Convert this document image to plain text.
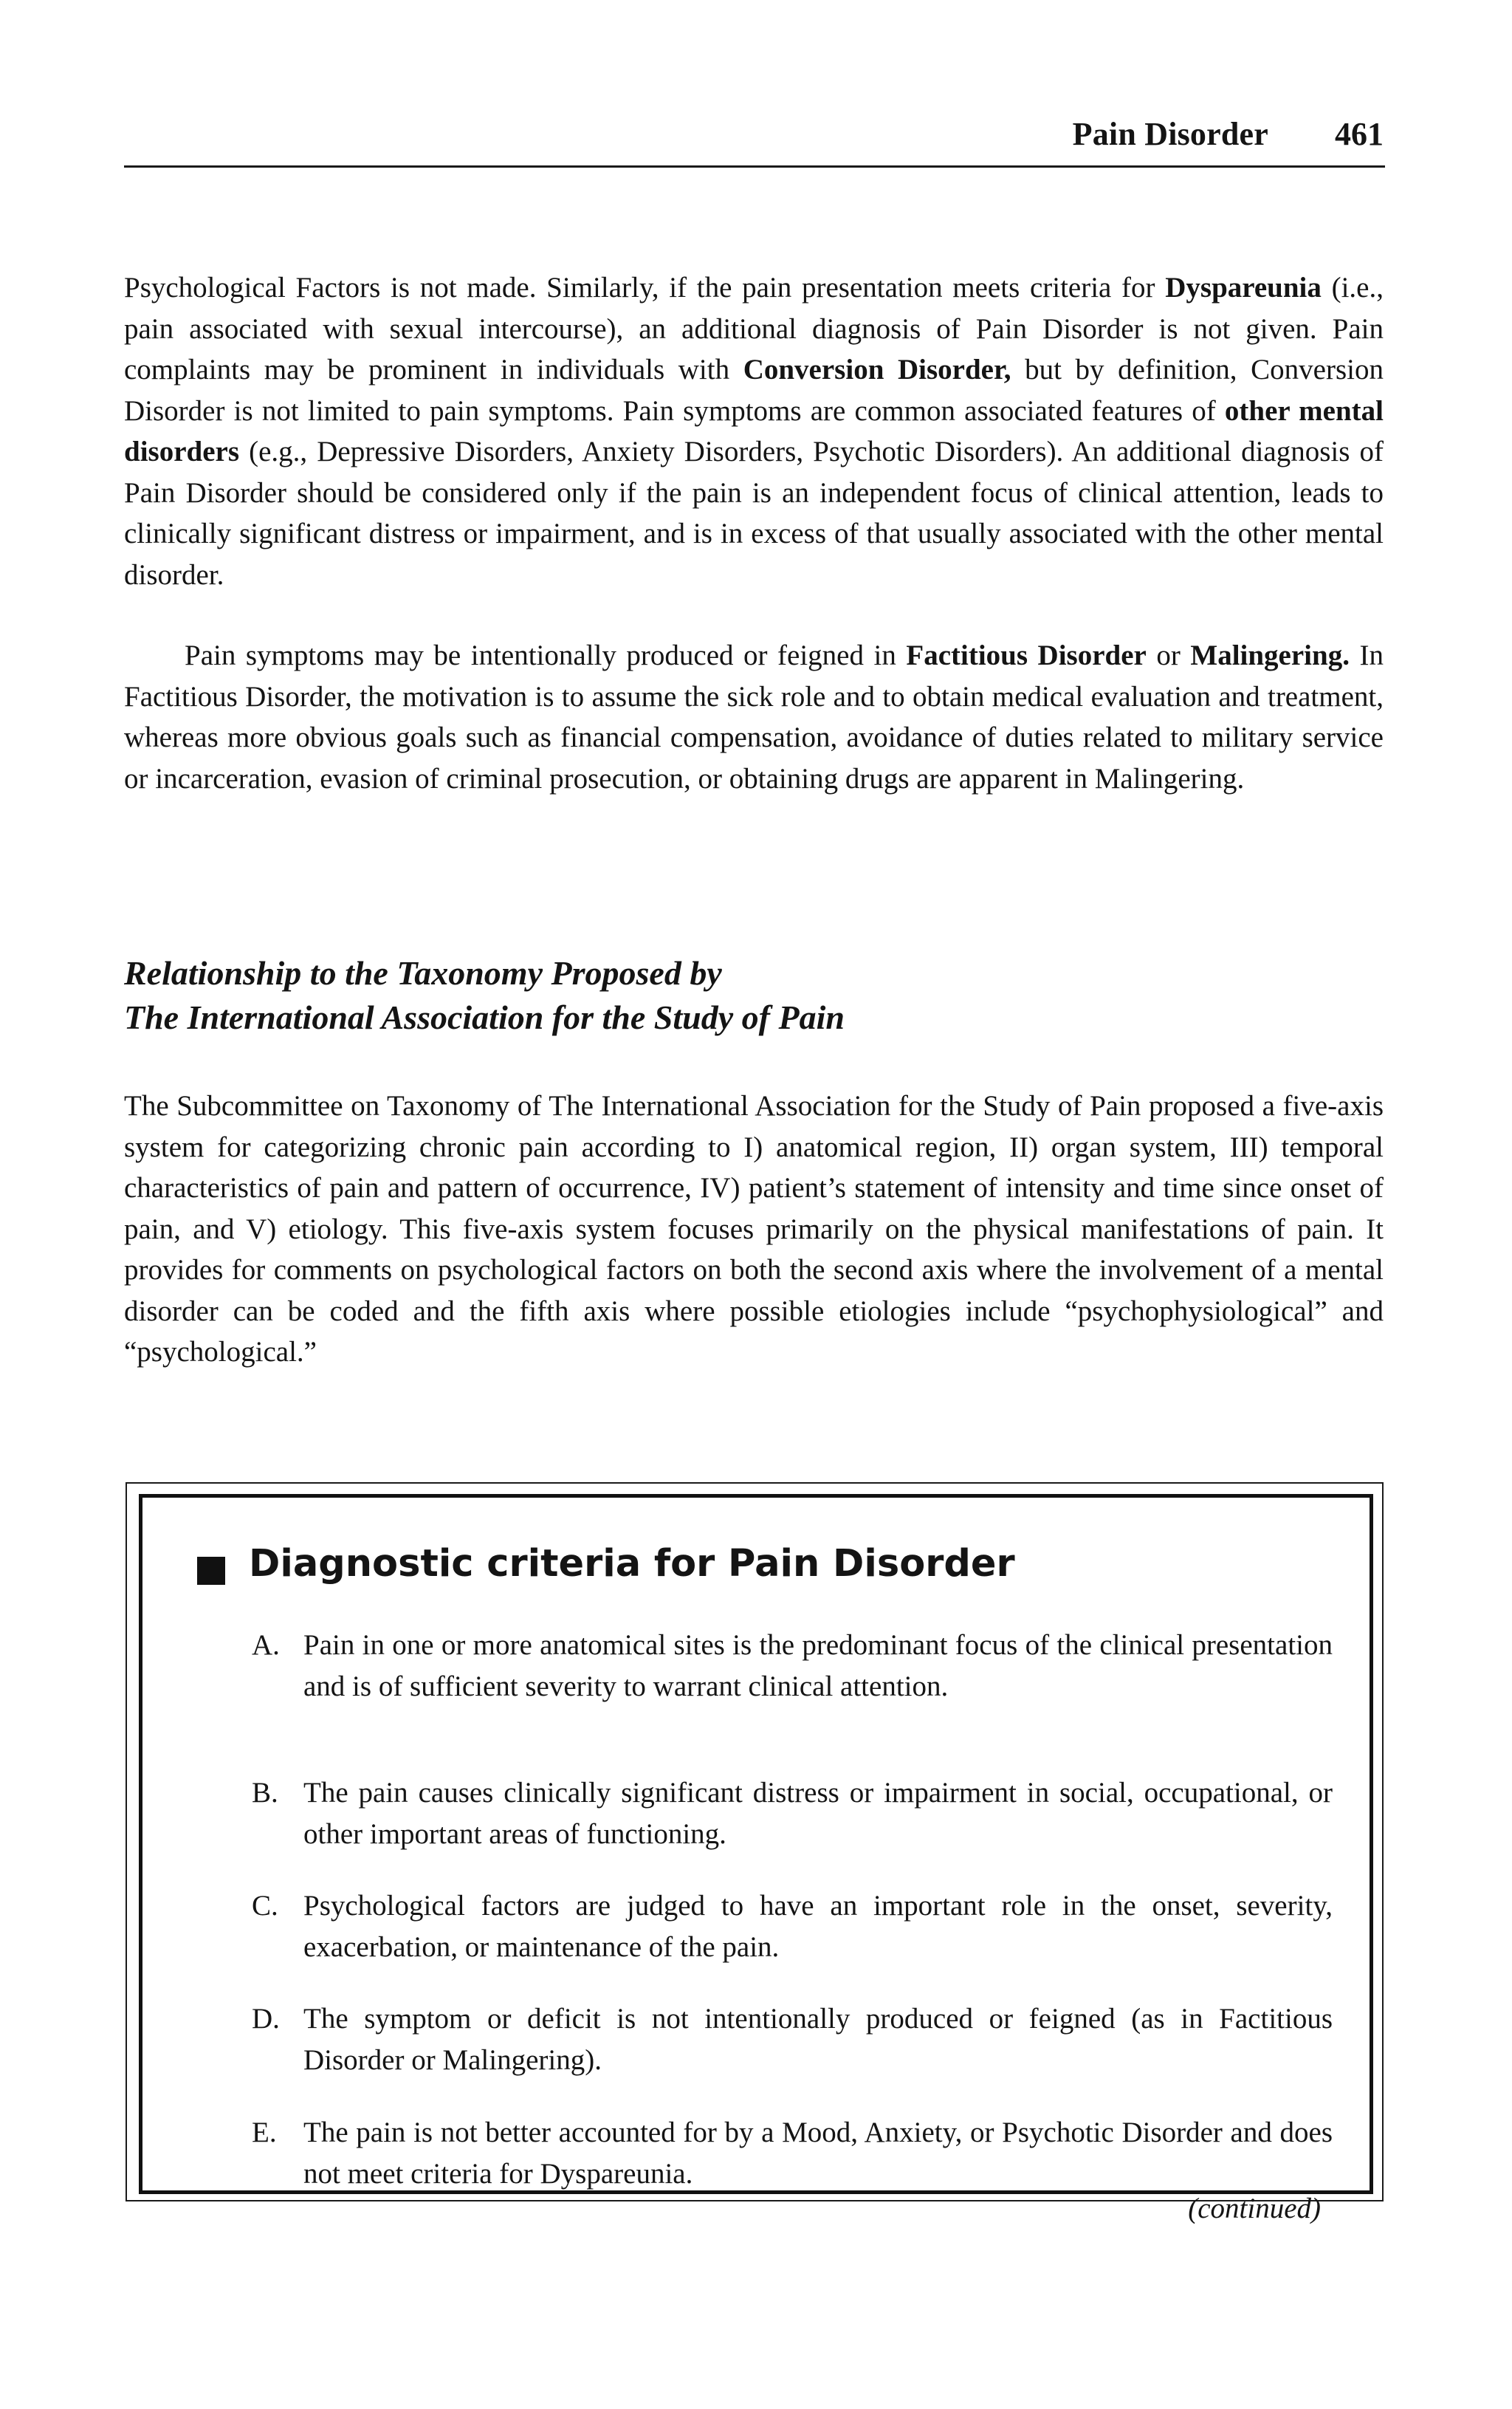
Pain Disorder 461

Psychological Factors is not made. Similarly, if the pain presentation meets criteria for Dyspareunia (i.e., pain associated with sexual intercourse), an additional diagnosis of Pain Disorder is not given. Pain complaints may be prominent in individuals with Conversion Disorder, but by definition, Conversion Disorder is not limited to pain symptoms. Pain symptoms are common associated features of other mental disorders (e.g., Depressive Disorders, Anxiety Disorders, Psychotic Disorders). An additional diagnosis of Pain Disorder should be considered only if the pain is an independent focus of clinical attention, leads to clinically significant distress or impairment, and is in excess of that usually associated with the other mental disorder.

Pain symptoms may be intentionally produced or feigned in Factitious Disorder or Malingering. In Factitious Disorder, the motivation is to assume the sick role and to obtain medical evaluation and treatment, whereas more obvious goals such as financial compensation, avoidance of duties related to military service or incarceration, evasion of criminal prosecution, or obtaining drugs are apparent in Malingering.

Relationship to the Taxonomy Proposed by
The International Association for the Study of Pain

The Subcommittee on Taxonomy of The International Association for the Study of Pain proposed a five-axis system for categorizing chronic pain according to I) anatomical region, II) organ system, III) temporal characteristics of pain and pattern of occurrence, IV) patient’s statement of intensity and time since onset of pain, and V) etiology. This five-axis system focuses primarily on the physical manifestations of pain. It provides for comments on psychological factors on both the second axis where the involvement of a mental disorder can be coded and the fifth axis where possible etiologies include “psychophysiological” and “psychological.”

Diagnostic criteria for Pain Disorder
A. Pain in one or more anatomical sites is the predominant focus of the clinical presentation and is of sufficient severity to warrant clinical attention.
B. The pain causes clinically significant distress or impairment in social, occupational, or other important areas of functioning.
C. Psychological factors are judged to have an important role in the onset, severity, exacerbation, or maintenance of the pain.
D. The symptom or deficit is not intentionally produced or feigned (as in Factitious Disorder or Malingering).
E. The pain is not better accounted for by a Mood, Anxiety, or Psychotic Disorder and does not meet criteria for Dyspareunia.
(continued)
